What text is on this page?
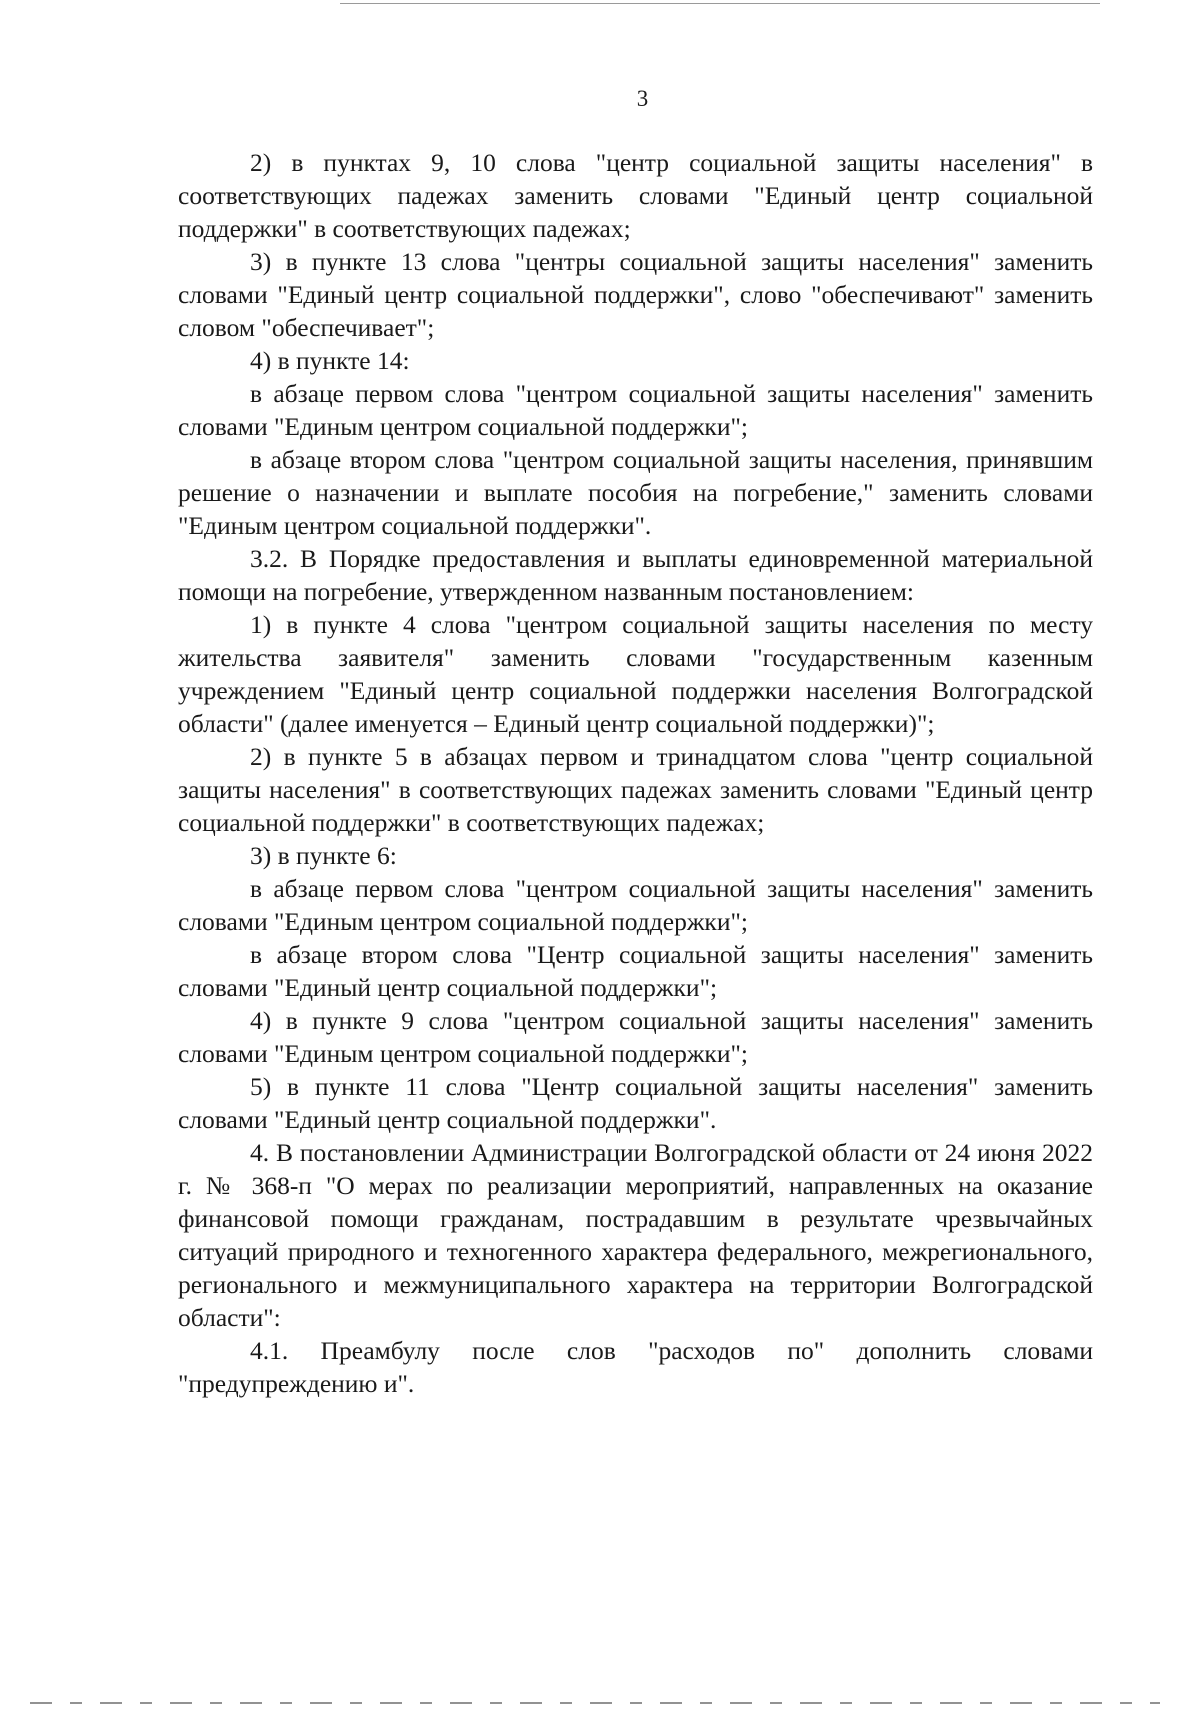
3

2) в пунктах 9, 10 слова "центр социальной защиты населения" в соответствующих падежах заменить словами "Единый центр социальной поддержки" в соответствующих падежах;

3) в пункте 13 слова "центры социальной защиты населения" заменить словами "Единый центр социальной поддержки", слово "обеспечивают" заменить словом "обеспечивает";

4) в пункте 14:

в абзаце первом слова "центром социальной защиты населения" заменить словами "Единым центром социальной поддержки";

в абзаце втором слова "центром социальной защиты населения, принявшим решение о назначении и выплате пособия на погребение," заменить словами "Единым центром социальной поддержки".

3.2. В Порядке предоставления и выплаты единовременной материальной помощи на погребение, утвержденном названным постановлением:

1) в пункте 4 слова "центром социальной защиты населения по месту жительства заявителя" заменить словами "государственным казенным учреждением "Единый центр социальной поддержки населения Волгоградской области" (далее именуется – Единый центр социальной поддержки)";

2) в пункте 5 в абзацах первом и тринадцатом слова "центр социальной защиты населения" в соответствующих падежах заменить словами "Единый центр социальной поддержки" в соответствующих падежах;

3) в пункте 6:

в абзаце первом слова "центром социальной защиты населения" заменить словами "Единым центром социальной поддержки";

в абзаце втором слова "Центр социальной защиты населения" заменить словами "Единый центр социальной поддержки";

4) в пункте 9 слова "центром социальной защиты населения" заменить словами "Единым центром социальной поддержки";

5) в пункте 11 слова "Центр социальной защиты населения" заменить словами "Единый центр социальной поддержки".

4. В постановлении Администрации Волгоградской области от 24 июня 2022 г. № 368-п "О мерах по реализации мероприятий, направленных на оказание финансовой помощи гражданам, пострадавшим в результате чрезвычайных ситуаций природного и техногенного характера федерального, межрегионального, регионального и межмуниципального характера на территории Волгоградской области":

4.1. Преамбулу после слов "расходов по" дополнить словами "предупреждению и".
